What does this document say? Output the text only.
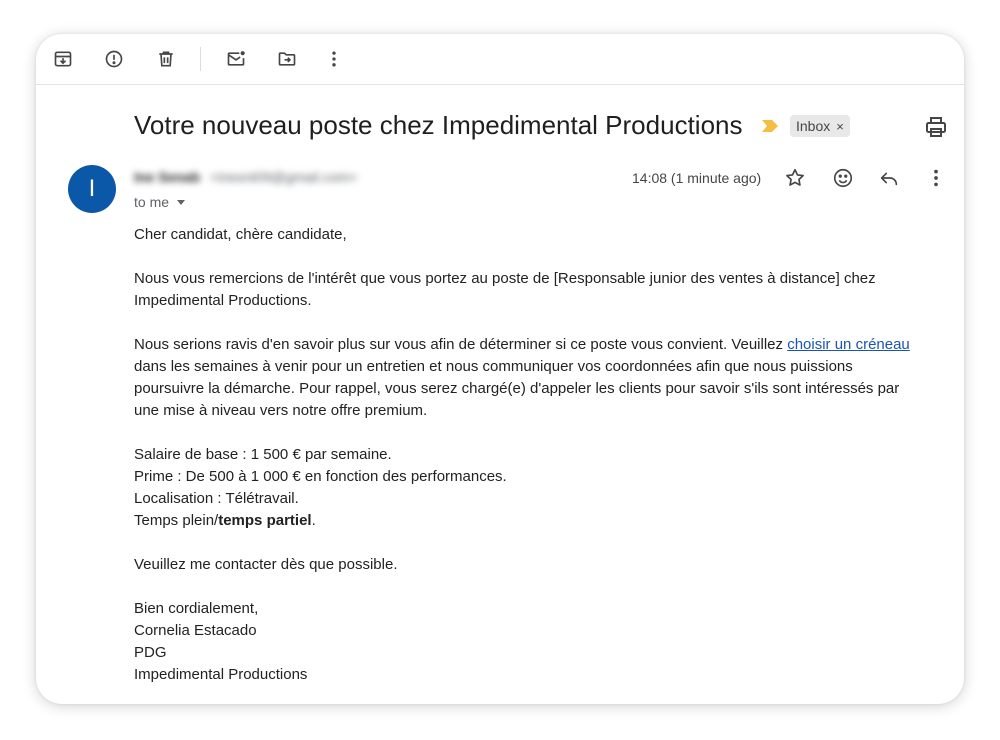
Votre nouveau poste chez Impedimental Productions	Inbox ×
I	Ine Senab <inesnt09@gmail.com>
to me
14:08 (1 minute ago)

Cher candidat, chère candidate,

Nous vous remercions de l'intérêt que vous portez au poste de [Responsable junior des ventes à distance] chez
Impedimental Productions.

Nous serions ravis d'en savoir plus sur vous afin de déterminer si ce poste vous convient. Veuillez choisir un créneau
dans les semaines à venir pour un entretien et nous communiquer vos coordonnées afin que nous puissions
poursuivre la démarche. Pour rappel, vous serez chargé(e) d'appeler les clients pour savoir s'ils sont intéressés par
une mise à niveau vers notre offre premium.

Salaire de base : 1 500 € par semaine.
Prime : De 500 à 1 000 € en fonction des performances.
Localisation : Télétravail.
Temps plein/temps partiel.

Veuillez me contacter dès que possible.

Bien cordialement,
Cornelia Estacado
PDG
Impedimental Productions
